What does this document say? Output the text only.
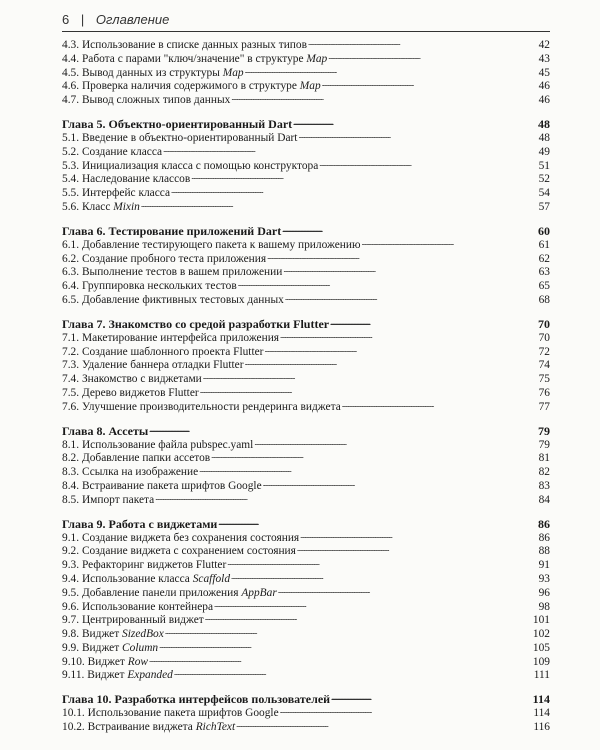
6 | Оглавление
4.3. Использование в списке данных разных типов . . .	42
4.4. Работа с парами "ключ/значение" в структуре Map . . .	43
4.5. Вывод данных из структуры Map . . .	45
4.6. Проверка наличия содержимого в структуре Map . . .	46
4.7. Вывод сложных типов данных . . .	46
Глава 5. Объектно-ориентированный Dart . . .	48
5.1. Введение в объектно-ориентированный Dart . . .	48
5.2. Создание класса . . .	49
5.3. Инициализация класса с помощью конструктора . . .	51
5.4. Наследование классов . . .	52
5.5. Интерфейс класса . . .	54
5.6. Класс Mixin . . .	57
Глава 6. Тестирование приложений Dart . . .	60
6.1. Добавление тестирующего пакета к вашему приложению . . .	61
6.2. Создание пробного теста приложения . . .	62
6.3. Выполнение тестов в вашем приложении . . .	63
6.4. Группировка нескольких тестов . . .	65
6.5. Добавление фиктивных тестовых данных . . .	68
Глава 7. Знакомство со средой разработки Flutter . . .	70
7.1. Макетирование интерфейса приложения . . .	70
7.2. Создание шаблонного проекта Flutter . . .	72
7.3. Удаление баннера отладки Flutter . . .	74
7.4. Знакомство с виджетами . . .	75
7.5. Дерево виджетов Flutter . . .	76
7.6. Улучшение производительности рендеринга виджета . . .	77
Глава 8. Ассеты . . .	79
8.1. Использование файла pubspec.yaml . . .	79
8.2. Добавление папки ассетов . . .	81
8.3. Ссылка на изображение . . .	82
8.4. Встраивание пакета шрифтов Google . . .	83
8.5. Импорт пакета . . .	84
Глава 9. Работа с виджетами . . .	86
9.1. Создание виджета без сохранения состояния . . .	86
9.2. Создание виджета с сохранением состояния . . .	88
9.3. Рефакторинг виджетов Flutter . . .	91
9.4. Использование класса Scaffold . . .	93
9.5. Добавление панели приложения AppBar . . .	96
9.6. Использование контейнера . . .	98
9.7. Центрированный виджет . . .	101
9.8. Виджет SizedBox . . .	102
9.9. Виджет Column . . .	105
9.10. Виджет Row . . .	109
9.11. Виджет Expanded . . .	111
Глава 10. Разработка интерфейсов пользователей . . .	114
10.1. Использование пакета шрифтов Google . . .	114
10.2. Встраивание виджета RichText . . .	116
